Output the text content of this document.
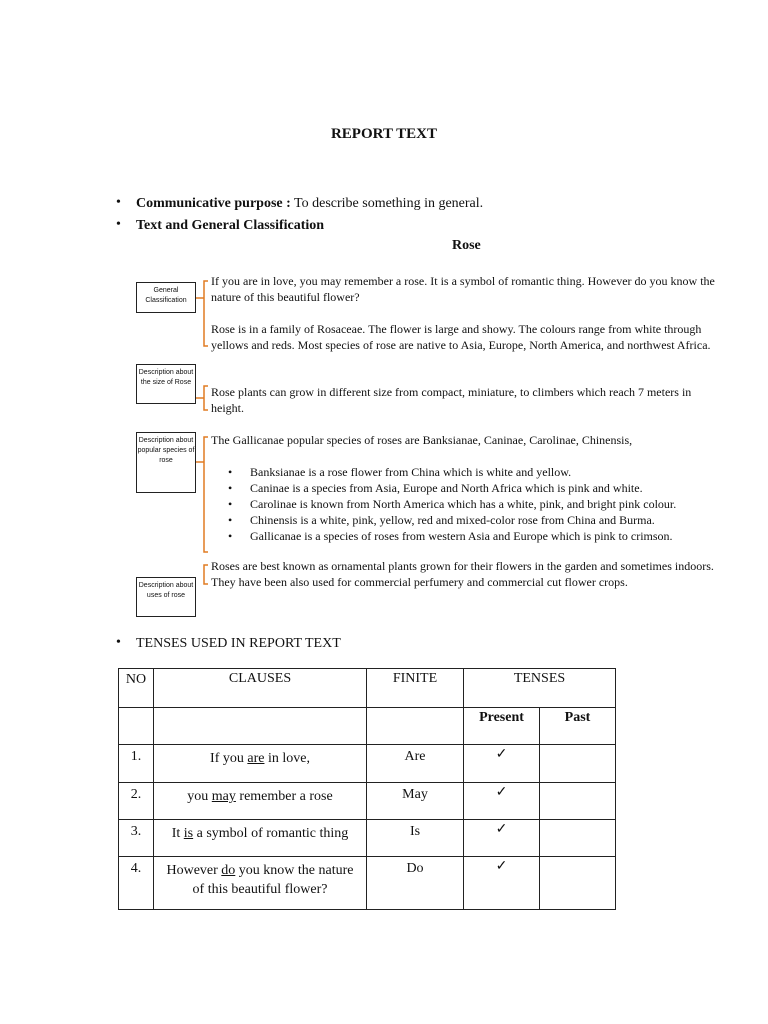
REPORT TEXT
• Communicative purpose : To describe something in general.
• Text and General Classification
Rose
General Classification
Description about the size of Rose
Description about popular species of rose
Description about uses of rose
If you are in love, you may remember a rose. It is a symbol of romantic thing. However do you know the nature of this beautiful flower?
Rose is in a family of Rosaceae. The flower is large and showy. The colours range from white through yellows and reds. Most species of rose are native to Asia, Europe, North America, and northwest Africa.
Rose plants can grow in different size from compact, miniature, to climbers which reach 7 meters in height.
The Gallicanae popular species of roses are Banksianae, Caninae, Carolinae, Chinensis,
• Banksianae is a rose flower from China which is white and yellow.
• Caninae is a species from Asia, Europe and North Africa which is pink and white.
• Carolinae is known from North America which has a white, pink, and bright pink colour.
• Chinensis is a white, pink, yellow, red and mixed-color rose from China and Burma.
• Gallicanae is a species of roses from western Asia and Europe which is pink to crimson.
Roses are best known as ornamental plants grown for their flowers in the garden and sometimes indoors. They have been also used for commercial perfumery and commercial cut flower crops.
• TENSES USED IN REPORT TEXT
NO	CLAUSES	FINITE	TENSES	
			Present	Past
1.	If you are in love,	Are	✓	
2.	you may remember a rose	May	✓	
3.	It is a symbol of romantic thing	Is	✓	
4.	However do you know the nature of this beautiful flower?	Do	✓	
